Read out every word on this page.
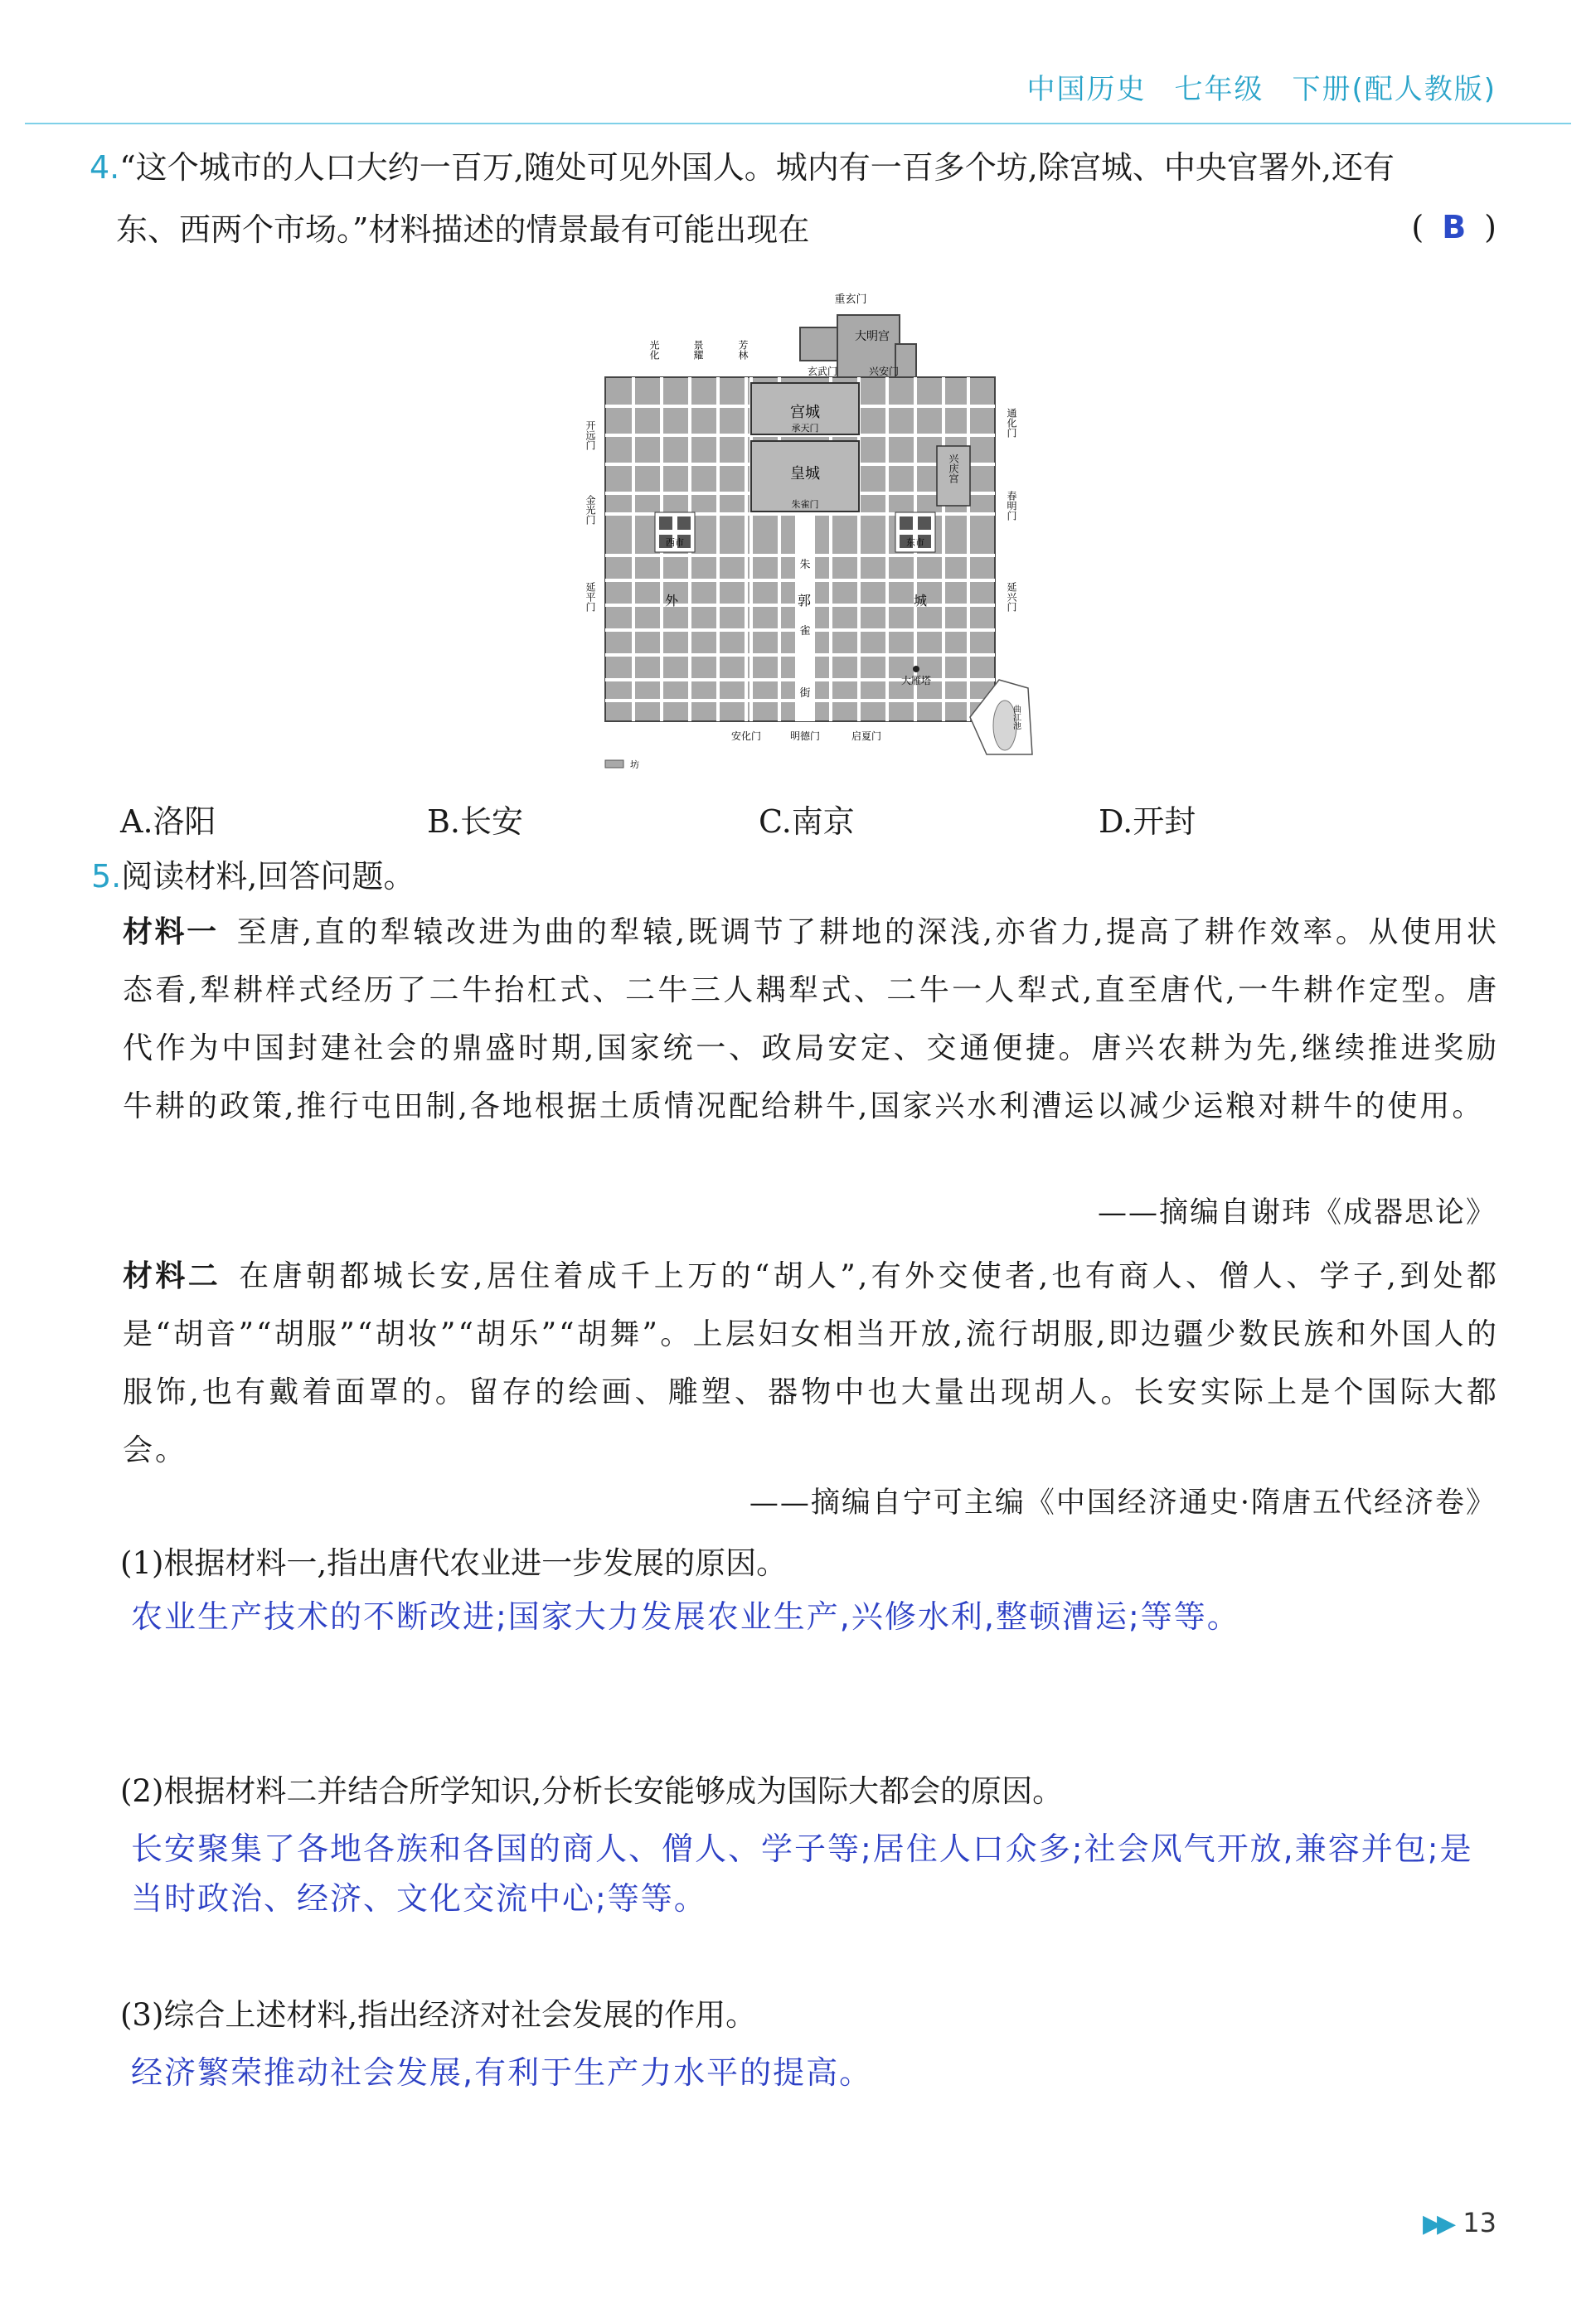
中国历史 七年级 下册(配人教版)
4.“这个城市的人口大约一百万,随处可见外国人。城内有一百多个坊,除宫城、中央官署外,还有
东、西两个市场。”材料描述的情景最有可能出现在	( B )
重玄门
大明宫
玄武门	兴安门
光化	景耀	芳林
宫城
承天门
皇城
朱雀门
兴庆宫
开远门
金光门
延平门
通化门
春明门
延兴门
西市	东市
外	郭	城
朱
雀
街
大雁塔
安化门	明德门	启夏门
曲江池
坊
A.洛阳	B.长安	C.南京	D.开封
5.阅读材料,回答问题。
材料一 至唐,直的犁辕改进为曲的犁辕,既调节了耕地的深浅,亦省力,提高了耕作效率。从使用状态看,犁耕样式经历了二牛抬杠式、二牛三人耦犁式、二牛一人犁式,直至唐代,一牛耕作定型。唐代作为中国封建社会的鼎盛时期,国家统一、政局安定、交通便捷。唐兴农耕为先,继续推进奖励牛耕的政策,推行屯田制,各地根据土质情况配给耕牛,国家兴水利漕运以减少运粮对耕牛的使用。
——摘编自谢玮《成器思论》
材料二 在唐朝都城长安,居住着成千上万的“胡人”,有外交使者,也有商人、僧人、学子,到处都是“胡音”“胡服”“胡妆”“胡乐”“胡舞”。上层妇女相当开放,流行胡服,即边疆少数民族和外国人的服饰,也有戴着面罩的。留存的绘画、雕塑、器物中也大量出现胡人。长安实际上是个国际大都会。
——摘编自宁可主编《中国经济通史·隋唐五代经济卷》
(1)根据材料一,指出唐代农业进一步发展的原因。
农业生产技术的不断改进;国家大力发展农业生产,兴修水利,整顿漕运;等等。
(2)根据材料二并结合所学知识,分析长安能够成为国际大都会的原因。
长安聚集了各地各族和各国的商人、僧人、学子等;居住人口众多;社会风气开放,兼容并包;是当时政治、经济、文化交流中心;等等。
(3)综合上述材料,指出经济对社会发展的作用。
经济繁荣推动社会发展,有利于生产力水平的提高。
▶▶ 13
